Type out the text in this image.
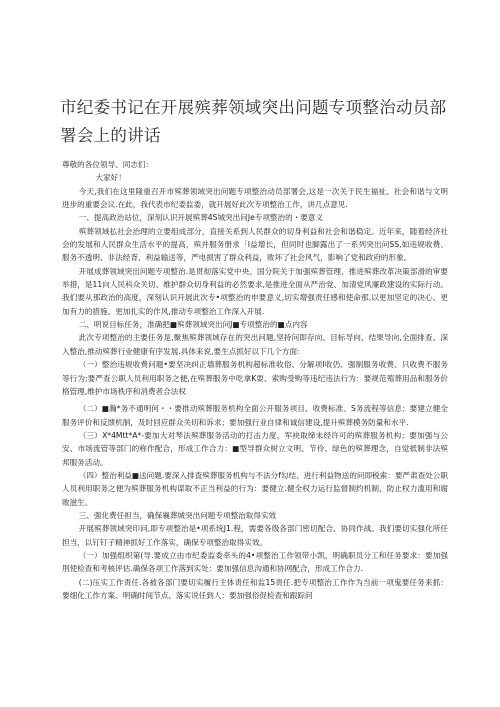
市纪委书记在开展殡葬领域突出问题专项整治动员部署会上的讲话

尊敬的各位领导、同志们：

大家好！

今天,我们在这里隆重召开市殡葬领域突出问题专项整治动员部署会,这是一次关于民生福祉、社会和谐与文明进步的重要会议.在此，我代表市纪委监委，就开展好此次专项整治工作，讲几点意见.

一、提高政治站位，深刻认识开展殡葬4S城突出问Je专项整治的・要意义

殡葬领域払社会治理的立要组成部分，直接关系到人民群众的切身利益和社会和谐稳定。近年来，随着经济社会的发展和人民群众生活水平的提高，殡并服务册求「I益增长，但同时也脚露出了一系列突出问SS,如违规收费、服务不透明、非法经背、利益输送等，严电损害了群众利益，败坏了社会风气，影响了党和政府的形象。

开展成葬领域突出问题专项整治.是贯彻落实党中央、国分院关于加强殡葬管理、推进殡葬改革决策部滑的审要举措，是11向人民科众关切、维护群众切身利益的必然要求,是推进全面从严治党、加清党风廉政建设的实际行动。我们要从那政治的高度，深刻认识开展此次专•项整治的申要意义,切实增强责任感和使命那,以更加坚定的决心、更加有力的措施、更加扎实的作风,推动专项整治工作深入开展.

二、明说目标任务，准确把■殡葬领域突出问J■专项整治的■点内容

此次专项整治的主要任务是,聚焦殡葬领域存在的突出问题,坚持问即存向、目标导向、结果导向,全面排查、深入整治,推动殡葬行业健康有序发展.具体来说,要生点抓好以下几个方面：

（一）整治违规收费问题•要坚决纠正墙葬服务机构超标准收俗、分解项Ⅰ收仍、强制服务收费、只收费不服务等行为;要严查公职人员利用职务之便,在殡葬服务中吃拿K耍、索购受购等违纪违法行为：要规范殖葬用品和服务价格管理,维护市场秩序和消费者合法权

（二）■瀚*务不通明何・・要推动殡葬服务机构全面公开服务项目、收费标准、S务流程等信息；要建立健全服务评价和反馈机制，及时回应群众关切和诉求；要加强行业自律和诚信建设,提升殡葬模务防量和水平.

（三）X*4Mtt*A*-要加大对琴法殡葬服务活动的打击力度，军袂取缔未经许可的殡葬服务机构；要加强与公安、市场流管等部门的称作配合，形成工作合力：■型导群众树立文明、节伶、绿色的殡葬理念，自觉抵制非法殡邦服务活动。

（四）整治利益■送问题.要深入排査殡葬服务机构与不法分f勾结、进行利益物送的问即税索：要严肃查处公职人员利用职务之便为殡葬服务机构谋取不正当利益的行为：要健立.健全权力运行监督制约机制，防止权力滥用和腐败滋生。

三、强化费任担当，确保襄葬城突出问题专项整治取得实效

开展殡葬领域突印问,即专项整治是•项系统J1.程，需要各级各部门密切配合、协同作战。我们要切实强化所任担当，以钉钉子精神抓好工作落实，确保专项整治取得实效。

（一）加强组织第(导.要成立由市纪委监委牵头的4•项整治工作领带小凯，明确职员分工和任务要求：要加强刖使检查和考核评估.确保各项工作落到实处：要加强信息沟通和协网配合，形成工作合力.

(二)压实工作责任.各被各部门要切实履行主体责任和监15责任.把专项整治工作作为当前一项鬼要任务来抓：要细化工作方案、明确时间节点、落实说任到人：要加强俗促检查和跟踪问
